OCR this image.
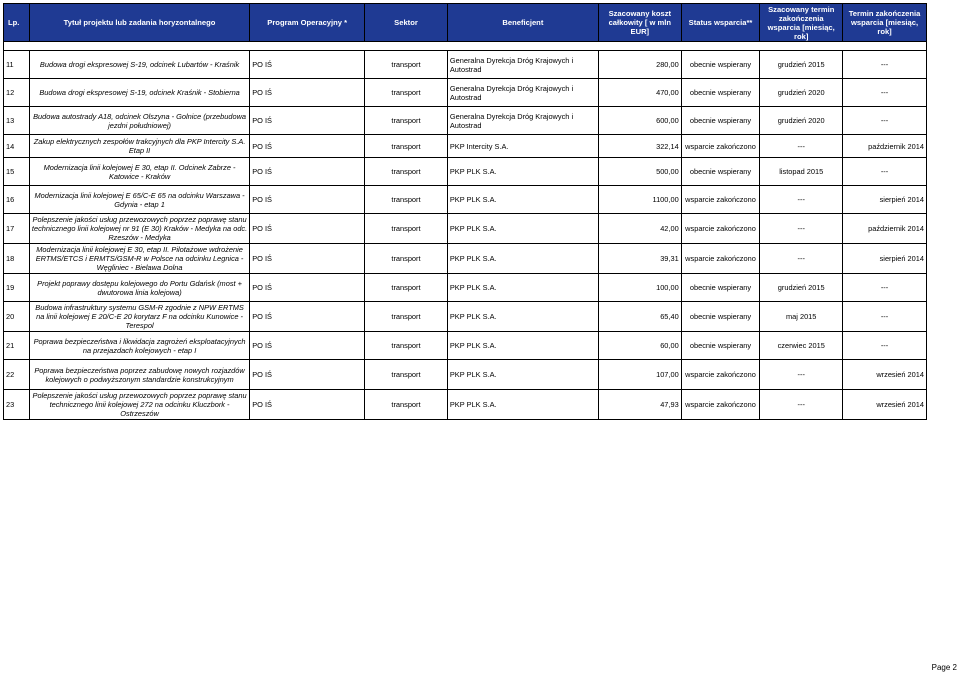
Lp.	Tytuł projektu lub zadania horyzontalnego	Program Operacyjny *	Sektor	Beneficjent	Szacowany koszt całkowity [ w mln EUR]	Status wsparcia**	Szacowany termin zakończenia wsparcia [miesiąc, rok]	Termin zakończenia wsparcia [miesiąc, rok]

11	Budowa drogi ekspresowej S-19, odcinek Lubartów - Kraśnik	PO IŚ	transport	Generalna Dyrekcja Dróg Krajowych i Autostrad	280,00	obecnie wspierany	grudzień 2015	---
12	Budowa drogi ekspresowej S-19, odcinek Kraśnik - Stobierna	PO IŚ	transport	Generalna Dyrekcja Dróg Krajowych i Autostrad	470,00	obecnie wspierany	grudzień 2020	---
13	Budowa autostrady A18, odcinek Olszyna - Golnice (przebudowa jezdni południowej)	PO IŚ	transport	Generalna Dyrekcja Dróg Krajowych i Autostrad	600,00	obecnie wspierany	grudzień 2020	---
14	Zakup elektrycznych zespołów trakcyjnych dla PKP Intercity S.A. Etap II	PO IŚ	transport	PKP Intercity S.A.	322,14	wsparcie zakończono	---	październik 2014
15	Modernizacja linii kolejowej E 30, etap II. Odcinek Zabrze - Katowice - Kraków	PO IŚ	transport	PKP PLK S.A.	500,00	obecnie wspierany	listopad 2015	---
16	Modernizacja linii kolejowej E 65/C-E 65 na odcinku Warszawa - Gdynia - etap 1	PO IŚ	transport	PKP PLK S.A.	1100,00	wsparcie zakończono	---	sierpień 2014
17	Polepszenie jakości usług przewozowych poprzez poprawę stanu technicznego linii kolejowej nr 91 (E 30) Kraków - Medyka na odc. Rzeszów - Medyka	PO IŚ	transport	PKP PLK S.A.	42,00	wsparcie zakończono	---	październik 2014
18	Modernizacja linii kolejowej E 30, etap II. Pilotażowe wdrożenie ERTMS/ETCS i ERMTS/GSM-R w Polsce na odcinku Legnica - Węgliniec - Bielawa Dolna	PO IŚ	transport	PKP PLK S.A.	39,31	wsparcie zakończono	---	sierpień 2014
19	Projekt poprawy dostępu kolejowego do Portu Gdańsk (most + dwutorowa linia kolejowa)	PO IŚ	transport	PKP PLK S.A.	100,00	obecnie wspierany	grudzień 2015	---
20	Budowa infrastruktury systemu GSM-R zgodnie z NPW ERTMS na linii kolejowej E 20/C-E 20 korytarz F na odcinku Kunowice - Terespol	PO IŚ	transport	PKP PLK S.A.	65,40	obecnie wspierany	maj 2015	---
21	Poprawa bezpieczeństwa i likwidacja zagrożeń eksploatacyjnych na przejazdach kolejowych - etap I	PO IŚ	transport	PKP PLK S.A.	60,00	obecnie wspierany	czerwiec 2015	---
22	Poprawa bezpieczeństwa poprzez zabudowę nowych rozjazdów kolejowych o podwyższonym standardzie konstrukcyjnym	PO IŚ	transport	PKP PLK S.A.	107,00	wsparcie zakończono	---	wrzesień 2014
23	Polepszenie jakości usług przewozowych poprzez poprawę stanu technicznego linii kolejowej 272 na odcinku Kluczbork - Ostrzeszów	PO IŚ	transport	PKP PLK S.A.	47,93	wsparcie zakończono	---	wrzesień 2014
Page 2
